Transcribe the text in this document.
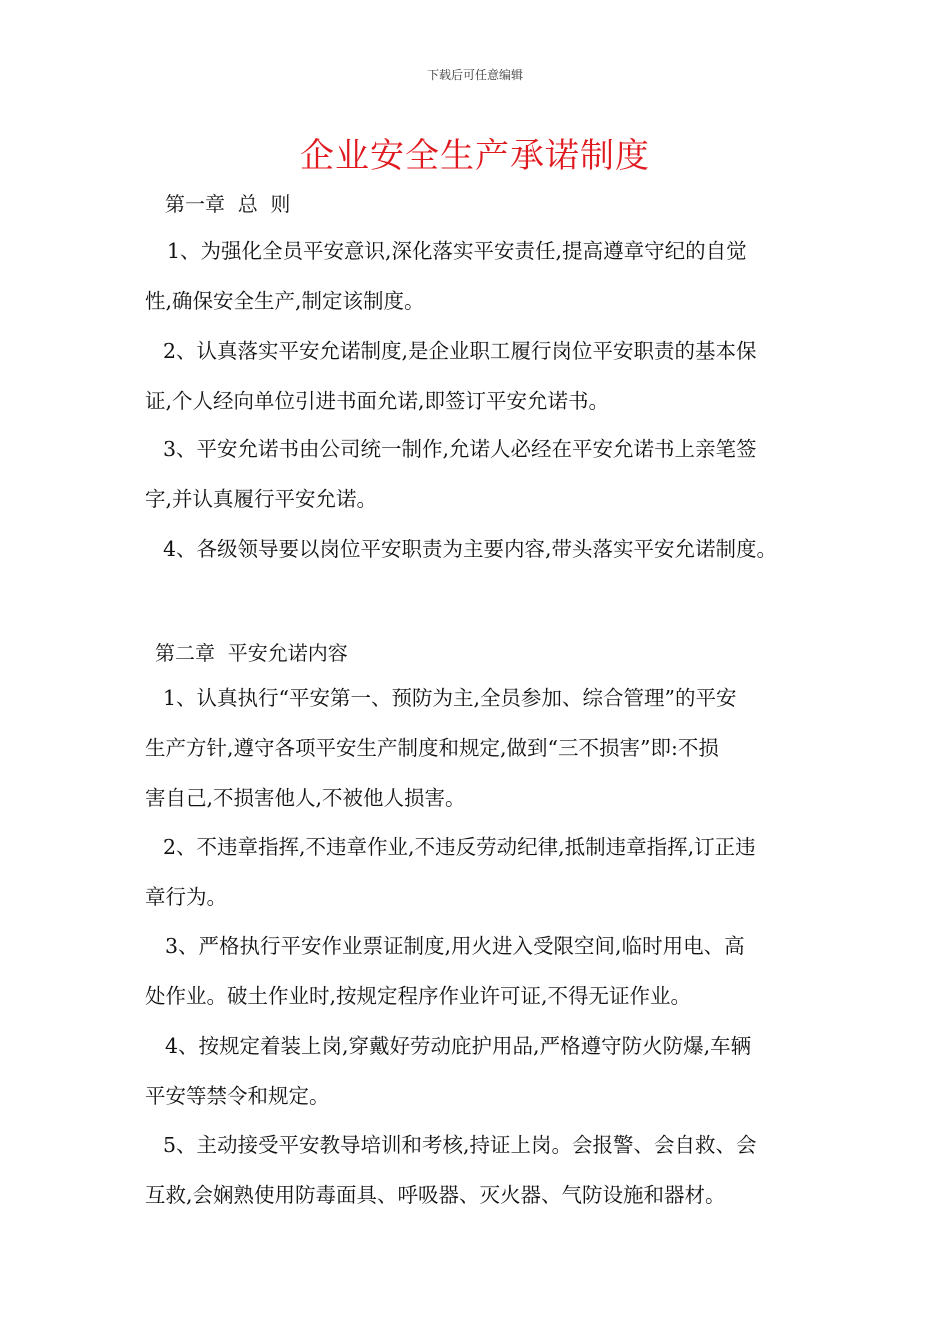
下载后可任意编辑
企业安全生产承诺制度
第一章  总  则
1、为强化全员平安意识,深化落实平安责任,提高遵章守纪的自觉
性,确保安全生产,制定该制度。
2、认真落实平安允诺制度,是企业职工履行岗位平安职责的基本保
证,个人经向单位引进书面允诺,即签订平安允诺书。
3、平安允诺书由公司统一制作,允诺人必经在平安允诺书上亲笔签
字,并认真履行平安允诺。
4、各级领导要以岗位平安职责为主要内容,带头落实平安允诺制度。
第二章  平安允诺内容
1、认真执行“平安第一、预防为主,全员参加、综合管理”的平安
生产方针,遵守各项平安生产制度和规定,做到“三不损害”即:不损
害自己,不损害他人,不被他人损害。
2、不违章指挥,不违章作业,不违反劳动纪律,抵制违章指挥,订正违
章行为。
3、严格执行平安作业票证制度,用火进入受限空间,临时用电、高
处作业。破土作业时,按规定程序作业许可证,不得无证作业。
4、按规定着装上岗,穿戴好劳动庇护用品,严格遵守防火防爆,车辆
平安等禁令和规定。
5、主动接受平安教导培训和考核,持证上岗。会报警、会自救、会
互救,会娴熟使用防毒面具、呼吸器、灭火器、气防设施和器材。
